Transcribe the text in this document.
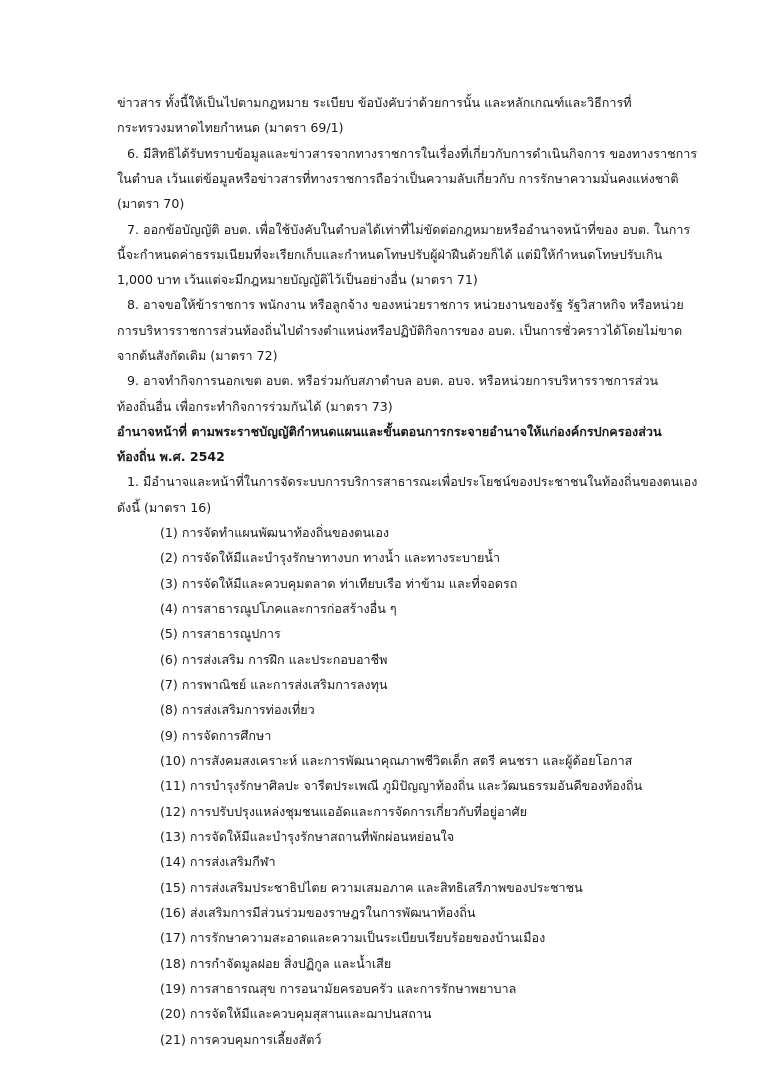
ข่าวสาร ทั้งนี้ให้เป็นไปตามกฎหมาย ระเบียบ ข้อบังคับว่าด้วยการนั้น และหลักเกณฑ์และวิธีการที่
กระทรวงมหาดไทยกำหนด (มาตรา 69/1)
6. มีสิทธิได้รับทราบข้อมูลและข่าวสารจากทางราชการในเรื่องที่เกี่ยวกับการดำเนินกิจการ ของทางราชการ
ในตำบล เว้นแต่ข้อมูลหรือข่าวสารที่ทางราชการถือว่าเป็นความลับเกี่ยวกับ การรักษาความมั่นคงแห่งชาติ
(มาตรา 70)
7. ออกข้อบัญญัติ อบต. เพื่อใช้บังคับในตำบลได้เท่าที่ไม่ขัดต่อกฎหมายหรืออำนาจหน้าที่ของ อบต. ในการ
นี้จะกำหนดค่าธรรมเนียมที่จะเรียกเก็บและกำหนดโทษปรับผู้ฝ่าฝืนด้วยก็ได้ แต่มิให้กำหนดโทษปรับเกิน
1,000 บาท เว้นแต่จะมีกฎหมายบัญญัติไว้เป็นอย่างอื่น (มาตรา 71)
8. อาจขอให้ข้าราชการ พนักงาน หรือลูกจ้าง ของหน่วยราชการ หน่วยงานของรัฐ รัฐวิสาหกิจ หรือหน่วย
การบริหารราชการส่วนท้องถิ่นไปดำรงตำแหน่งหรือปฏิบัติกิจการของ อบต. เป็นการชั่วคราวได้โดยไม่ขาด
จากต้นสังกัดเดิม (มาตรา 72)
9. อาจทำกิจการนอกเขต อบต. หรือร่วมกับสภาตำบล อบต. อบจ. หรือหน่วยการบริหารราชการส่วน
ท้องถิ่นอื่น เพื่อกระทำกิจการร่วมกันได้ (มาตรา 73)
อำนาจหน้าที่ ตามพระราชบัญญัติกำหนดแผนและขั้นตอนการกระจายอำนาจให้แก่องค์กรปกครองส่วน
ท้องถิ่น พ.ศ. 2542
1. มีอำนาจและหน้าที่ในการจัดระบบการบริการสาธารณะเพื่อประโยชน์ของประชาชนในท้องถิ่นของตนเอง
ดังนี้ (มาตรา 16)
(1) การจัดทำแผนพัฒนาท้องถิ่นของตนเอง
(2) การจัดให้มีและบำรุงรักษาทางบก ทางน้ำ และทางระบายน้ำ
(3) การจัดให้มีและควบคุมตลาด ท่าเทียบเรือ ท่าข้าม และที่จอดรถ
(4) การสาธารณูปโภคและการก่อสร้างอื่น ๆ
(5) การสาธารณูปการ
(6) การส่งเสริม การฝึก และประกอบอาชีพ
(7) การพาณิชย์ และการส่งเสริมการลงทุน
(8) การส่งเสริมการท่องเที่ยว
(9) การจัดการศึกษา
(10) การสังคมสงเคราะห์ และการพัฒนาคุณภาพชีวิตเด็ก สตรี คนชรา และผู้ด้อยโอกาส
(11) การบำรุงรักษาศิลปะ จารีตประเพณี ภูมิปัญญาท้องถิ่น และวัฒนธรรมอันดีของท้องถิ่น
(12) การปรับปรุงแหล่งชุมชนแออัดและการจัดการเกี่ยวกับที่อยู่อาศัย
(13) การจัดให้มีและบำรุงรักษาสถานที่พักผ่อนหย่อนใจ
(14) การส่งเสริมกีฬา
(15) การส่งเสริมประชาธิปไตย ความเสมอภาค และสิทธิเสรีภาพของประชาชน
(16) ส่งเสริมการมีส่วนร่วมของราษฎรในการพัฒนาท้องถิ่น
(17) การรักษาความสะอาดและความเป็นระเบียบเรียบร้อยของบ้านเมือง
(18) การกำจัดมูลฝอย สิ่งปฏิกูล และน้ำเสีย
(19) การสาธารณสุข การอนามัยครอบครัว และการรักษาพยาบาล
(20) การจัดให้มีและควบคุมสุสานและฌาปนสถาน
(21) การควบคุมการเลี้ยงสัตว์
